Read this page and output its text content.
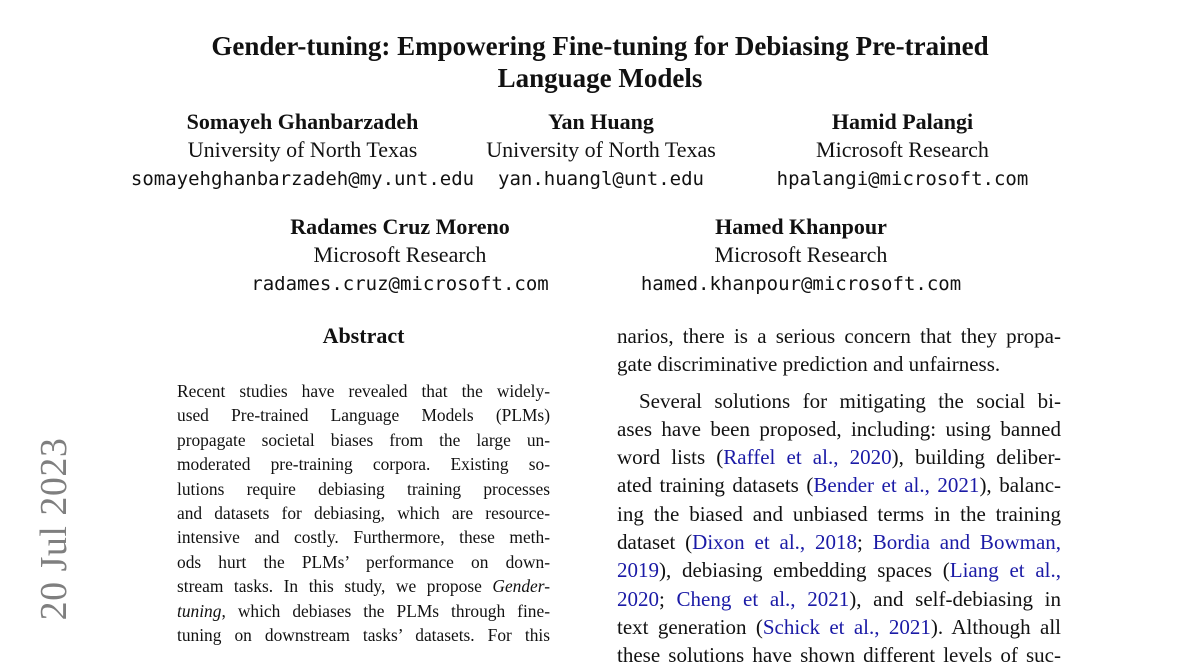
Gender-tuning: Empowering Fine-tuning for Debiasing Pre-trained
Language Models
Somayeh Ghanbarzadeh
University of North Texas
somayehghanbarzadeh@my.unt.edu
Yan Huang
University of North Texas
yan.huangl@unt.edu
Hamid Palangi
Microsoft Research
hpalangi@microsoft.com
Radames Cruz Moreno
Microsoft Research
radames.cruz@microsoft.com
Hamed Khanpour
Microsoft Research
hamed.khanpour@microsoft.com
20 Jul 2023
Abstract
Recent studies have revealed that the widely-
used Pre-trained Language Models (PLMs)
propagate societal biases from the large un-
moderated pre-training corpora. Existing so-
lutions require debiasing training processes
and datasets for debiasing, which are resource-
intensive and costly. Furthermore, these meth-
ods hurt the PLMs’ performance on down-
stream tasks. In this study, we propose Gender-
tuning, which debiases the PLMs through fine-
tuning on downstream tasks’ datasets. For this
narios, there is a serious concern that they propa-
gate discriminative prediction and unfairness.
Several solutions for mitigating the social bi-
ases have been proposed, including: using banned
word lists (Raffel et al., 2020), building deliber-
ated training datasets (Bender et al., 2021), balanc-
ing the biased and unbiased terms in the training
dataset (Dixon et al., 2018; Bordia and Bowman,
2019), debiasing embedding spaces (Liang et al.,
2020; Cheng et al., 2021), and self-debiasing in
text generation (Schick et al., 2021). Although all
these solutions have shown different levels of suc-
